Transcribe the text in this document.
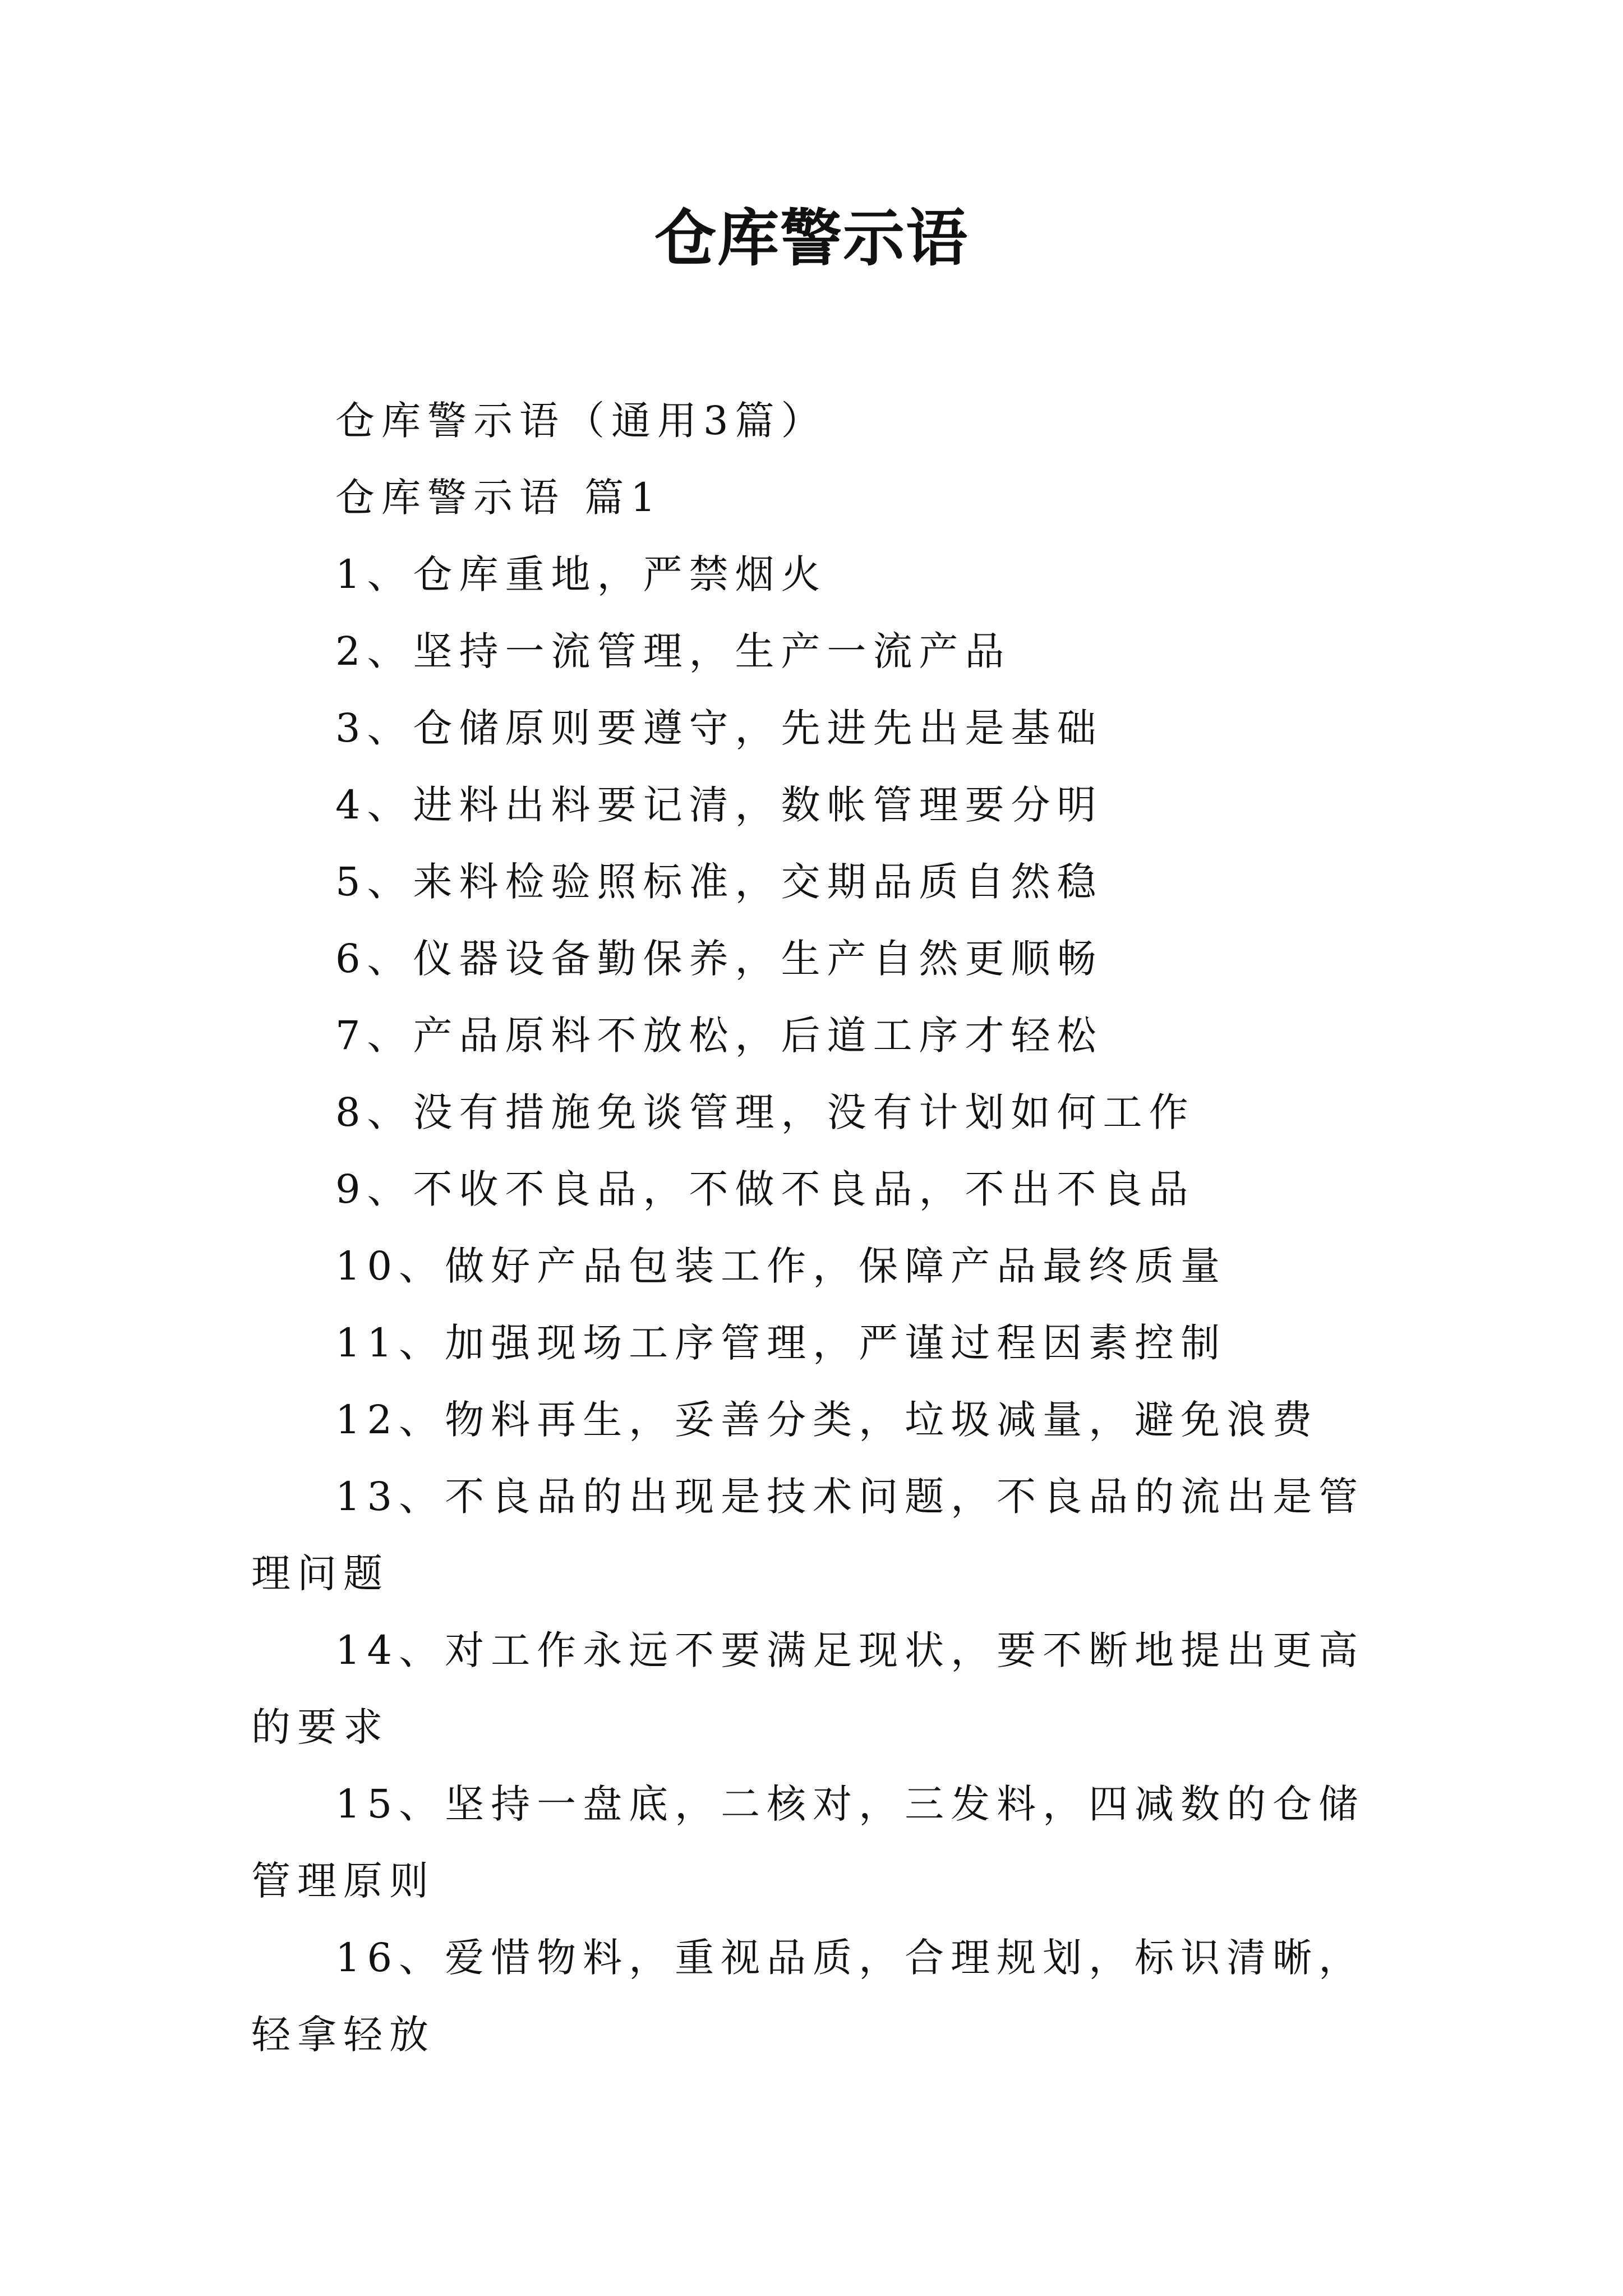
仓库警示语

仓库警示语（通用3篇）

仓库警示语 篇1

1、仓库重地，严禁烟火

2、坚持一流管理，生产一流产品

3、仓储原则要遵守，先进先出是基础

4、进料出料要记清，数帐管理要分明

5、来料检验照标准，交期品质自然稳

6、仪器设备勤保养，生产自然更顺畅

7、产品原料不放松，后道工序才轻松

8、没有措施免谈管理，没有计划如何工作

9、不收不良品，不做不良品，不出不良品

10、做好产品包装工作，保障产品最终质量

11、加强现场工序管理，严谨过程因素控制

12、物料再生，妥善分类，垃圾减量，避免浪费

13、不良品的出现是技术问题，不良品的流出是管理问题

14、对工作永远不要满足现状，要不断地提出更高的要求

15、坚持一盘底，二核对，三发料，四减数的仓储管理原则

16、爱惜物料，重视品质，合理规划，标识清晰，轻拿轻放
